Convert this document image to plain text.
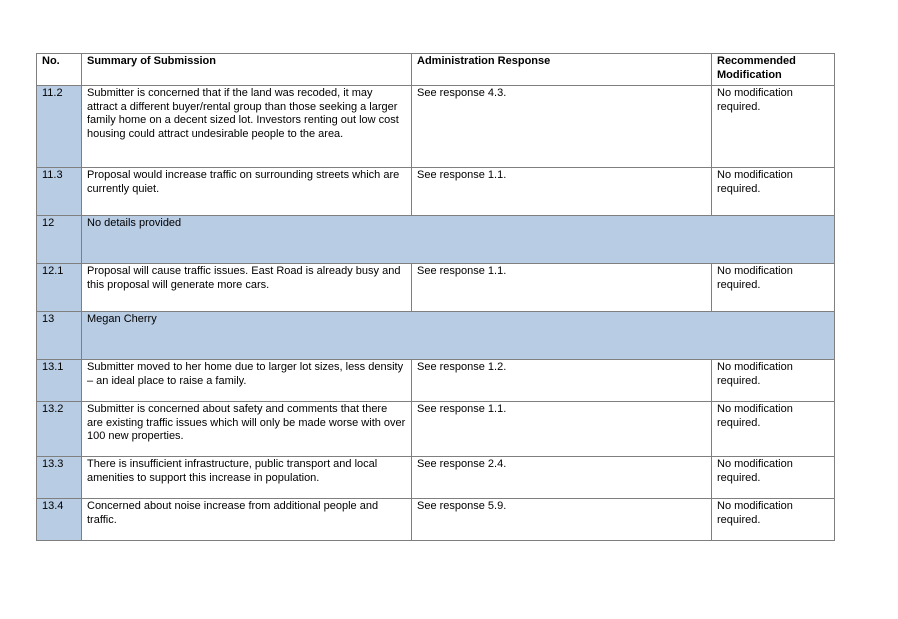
No.	Summary of Submission	Administration Response	Recommended Modification
11.2	Submitter is concerned that if the land was recoded, it may attract a different buyer/rental group than those seeking a larger family home on a decent sized lot. Investors renting out low cost housing could attract undesirable people to the area.	See response 4.3.	No modification required.
11.3	Proposal would increase traffic on surrounding streets which are currently quiet.	See response 1.1.	No modification required.
12	No details provided		
12.1	Proposal will cause traffic issues. East Road is already busy and this proposal will generate more cars.	See response 1.1.	No modification required.
13	Megan Cherry		
13.1	Submitter moved to her home due to larger lot sizes, less density – an ideal place to raise a family.	See response 1.2.	No modification required.
13.2	Submitter is concerned about safety and comments that there are existing traffic issues which will only be made worse with over 100 new properties.	See response 1.1.	No modification required.
13.3	There is insufficient infrastructure, public transport and local amenities to support this increase in population.	See response 2.4.	No modification required.
13.4	Concerned about noise increase from additional people and traffic.	See response 5.9.	No modification required.
